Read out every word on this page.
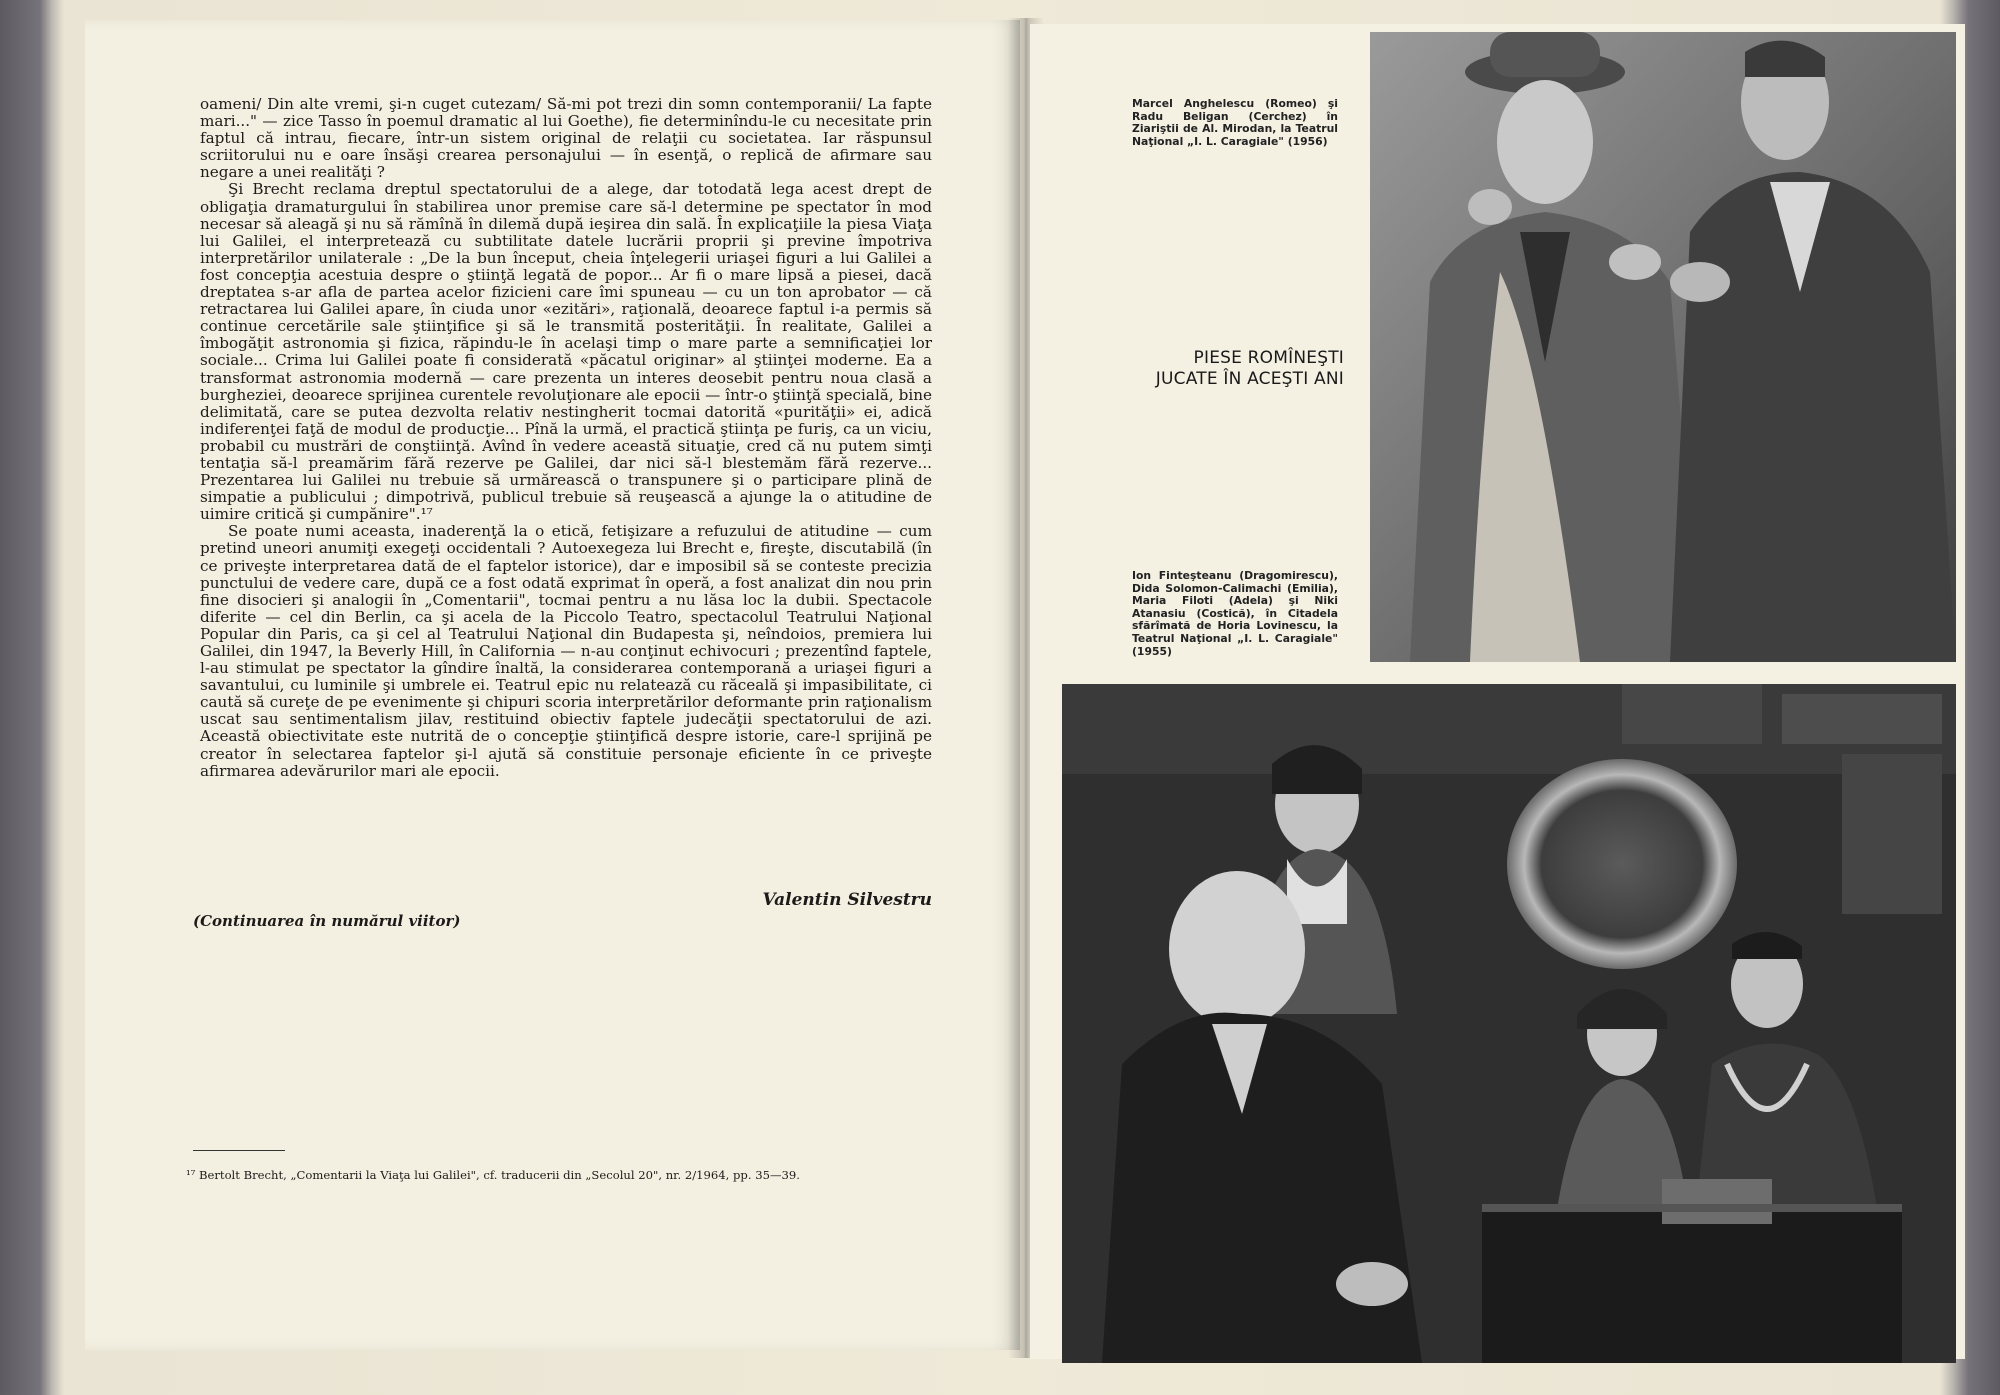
oameni/ Din alte vremi, şi-n cuget cutezam/ Să-mi pot trezi din somn contemporanii/ La fapte mari..." — zice Tasso în poemul dramatic al lui Goethe), fie determinîndu-le cu necesitate prin faptul că intrau, fiecare, într-un sistem original de relaţii cu societatea. Iar răspunsul scriitorului nu e oare însăşi crearea personajului — în esenţă, o replică de afirmare sau negare a unei realităţi ?

Şi Brecht reclama dreptul spectatorului de a alege, dar totodată lega acest drept de obligaţia dramaturgului în stabilirea unor premise care să-l determine pe spectator în mod necesar să aleagă şi nu să rămînă în dilemă după ieşirea din sală. În explicaţiile la piesa Viaţa lui Galilei, el interpretează cu subtilitate datele lucrării proprii şi previne împotriva interpretărilor unilaterale : „De la bun început, cheia înţelegerii uriaşei figuri a lui Galilei a fost concepţia acestuia despre o ştiinţă legată de popor... Ar fi o mare lipsă a piesei, dacă dreptatea s-ar afla de partea acelor fizicieni care îmi spuneau — cu un ton aprobator — că retractarea lui Galilei apare, în ciuda unor «ezitări», raţională, deoarece faptul i-a permis să continue cercetările sale ştiinţifice şi să le transmită posterităţii. În realitate, Galilei a îmbogăţit astronomia şi fizica, răpindu-le în acelaşi timp o mare parte a semnificaţiei lor sociale... Crima lui Galilei poate fi considerată «păcatul originar» al ştiinţei moderne. Ea a transformat astronomia modernă — care prezenta un interes deosebit pentru noua clasă a burgheziei, deoarece sprijinea curentele revoluţionare ale epocii — într-o ştiinţă specială, bine delimitată, care se putea dezvolta relativ nestingherit tocmai datorită «purităţii» ei, adică indiferenţei faţă de modul de producţie... Pînă la urmă, el practică ştiinţa pe furiş, ca un viciu, probabil cu mustrări de conştiinţă. Avînd în vedere această situaţie, cred că nu putem simţi tentaţia să-l preamărim fără rezerve pe Galilei, dar nici să-l blestemăm fără rezerve... Prezentarea lui Galilei nu trebuie să urmărească o transpunere şi o participare plină de simpatie a publicului ; dimpotrivă, publicul trebuie să reuşească a ajunge la o atitudine de uimire critică şi cumpănire".¹⁷

Se poate numi aceasta, inaderenţă la o etică, fetişizare a refuzului de atitudine — cum pretind uneori anumiţi exegeţi occidentali ? Autoexegeza lui Brecht e, fireşte, discutabilă (în ce priveşte interpretarea dată de el faptelor istorice), dar e imposibil să se conteste precizia punctului de vedere care, după ce a fost odată exprimat în operă, a fost analizat din nou prin fine disocieri şi analogii în „Comentarii", tocmai pentru a nu lăsa loc la dubii. Spectacole diferite — cel din Berlin, ca şi acela de la Piccolo Teatro, spectacolul Teatrului Naţional Popular din Paris, ca şi cel al Teatrului Naţional din Budapesta şi, neîndoios, premiera lui Galilei, din 1947, la Beverly Hill, în California — n-au conţinut echivocuri ; prezentînd faptele, l-au stimulat pe spectator la gîndire înaltă, la considerarea contemporană a uriaşei figuri a savantului, cu luminile şi umbrele ei. Teatrul epic nu relatează cu răceală şi impasibilitate, ci caută să cureţe de pe evenimente şi chipuri scoria interpretărilor deformante prin raţionalism uscat sau sentimentalism jilav, restituind obiectiv faptele judecăţii spectatorului de azi. Această obiectivitate este nutrită de o concepţie ştiinţifică despre istorie, care-l sprijină pe creator în selectarea faptelor şi-l ajută să constituie personaje eficiente în ce priveşte afirmarea adevărurilor mari ale epocii.

Valentin Silvestru
(Continuarea în numărul viitor)
¹⁷ Bertolt Brecht, „Comentarii la Viaţa lui Galilei", cf. traducerii din „Secolul 20", nr. 2/1964, pp. 35—39.
Marcel Anghelescu (Romeo) şi Radu Beligan (Cerchez) în Ziariştii de Al. Mirodan, la Teatrul Naţional „I. L. Caragiale" (1956)
PIESE ROMÎNEŞTI
JUCATE ÎN ACEŞTI ANI
Ion Finteşteanu (Dragomirescu), Dida Solomon-Calimachi (Emilia), Maria Filoti (Adela) şi Niki Atanasiu (Costică), în Citadela sfărîmată de Horia Lovinescu, la Teatrul Naţional „I. L. Caragiale" (1955)
